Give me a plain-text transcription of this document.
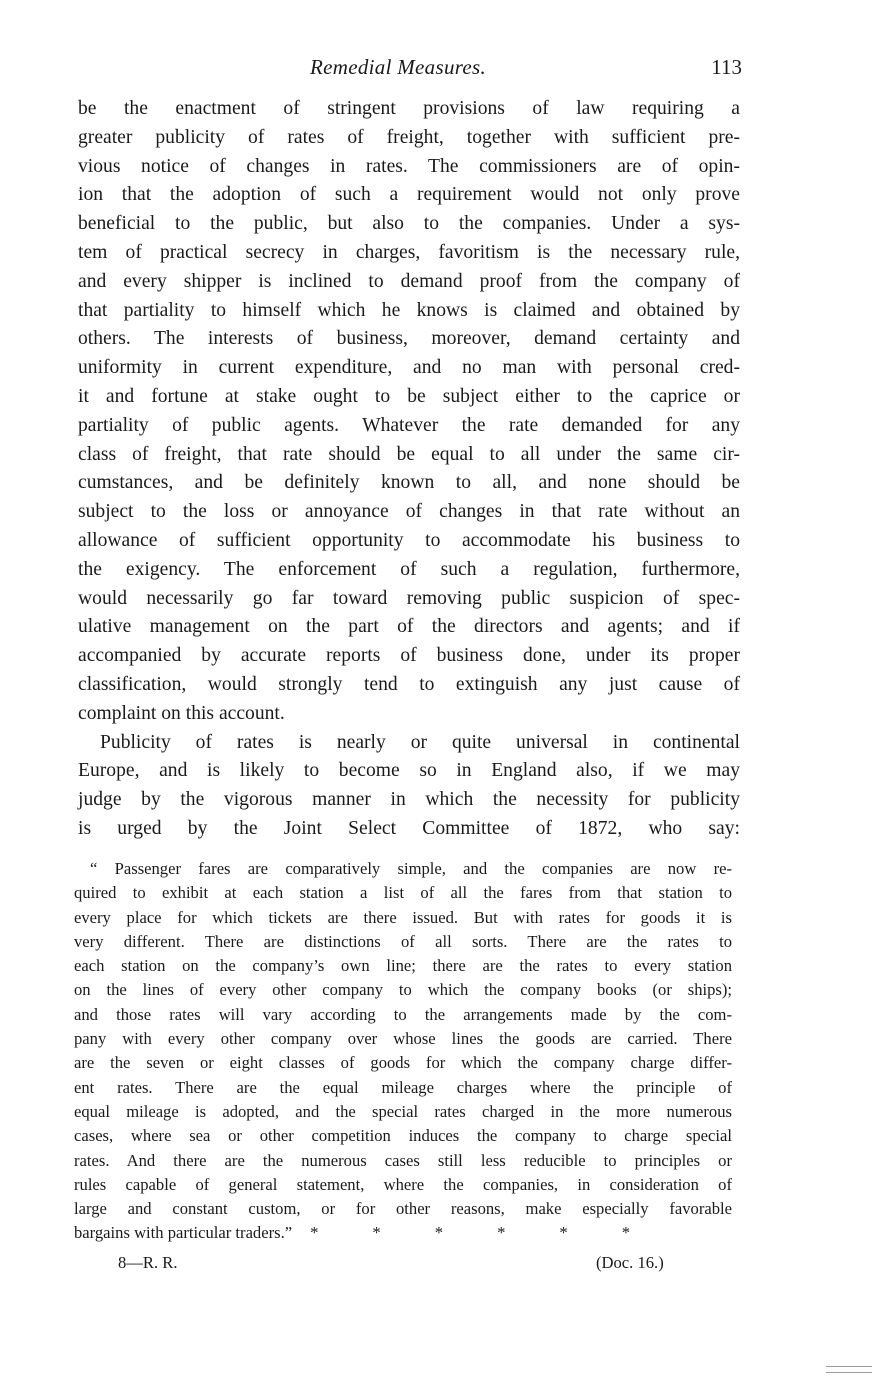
Remedial Measures.	113
be the enactment of stringent provisions of law requiring a
greater publicity of rates of freight, together with sufficient pre-
vious notice of changes in rates. The commissioners are of opin-
ion that the adoption of such a requirement would not only prove
beneficial to the public, but also to the companies. Under a sys-
tem of practical secrecy in charges, favoritism is the necessary rule,
and every shipper is inclined to demand proof from the company of
that partiality to himself which he knows is claimed and obtained by
others. The interests of business, moreover, demand certainty and
uniformity in current expenditure, and no man with personal cred-
it and fortune at stake ought to be subject either to the caprice or
partiality of public agents. Whatever the rate demanded for any
class of freight, that rate should be equal to all under the same cir-
cumstances, and be definitely known to all, and none should be
subject to the loss or annoyance of changes in that rate without an
allowance of sufficient opportunity to accommodate his business to
the exigency. The enforcement of such a regulation, furthermore,
would necessarily go far toward removing public suspicion of spec-
ulative management on the part of the directors and agents; and if
accompanied by accurate reports of business done, under its proper
classification, would strongly tend to extinguish any just cause of
complaint on this account.
Publicity of rates is nearly or quite universal in continental
Europe, and is likely to become so in England also, if we may
judge by the vigorous manner in which the necessity for publicity
is urged by the Joint Select Committee of 1872, who say:
“ Passenger fares are comparatively simple, and the companies are now re-
quired to exhibit at each station a list of all the fares from that station to
every place for which tickets are there issued. But with rates for goods it is
very different. There are distinctions of all sorts. There are the rates to
each station on the company’s own line; there are the rates to every station
on the lines of every other company to which the company books (or ships);
and those rates will vary according to the arrangements made by the com-
pany with every other company over whose lines the goods are carried. There
are the seven or eight classes of goods for which the company charge differ-
ent rates. There are the equal mileage charges where the principle of
equal mileage is adopted, and the special rates charged in the more numerous
cases, where sea or other competition induces the company to charge special
rates. And there are the numerous cases still less reducible to principles or
rules capable of general statement, where the companies, in consideration of
large and constant custom, or for other reasons, make especially favorable
bargains with particular traders.” *	*	*	*	*	*
8—R. R.	(Doc. 16.)
